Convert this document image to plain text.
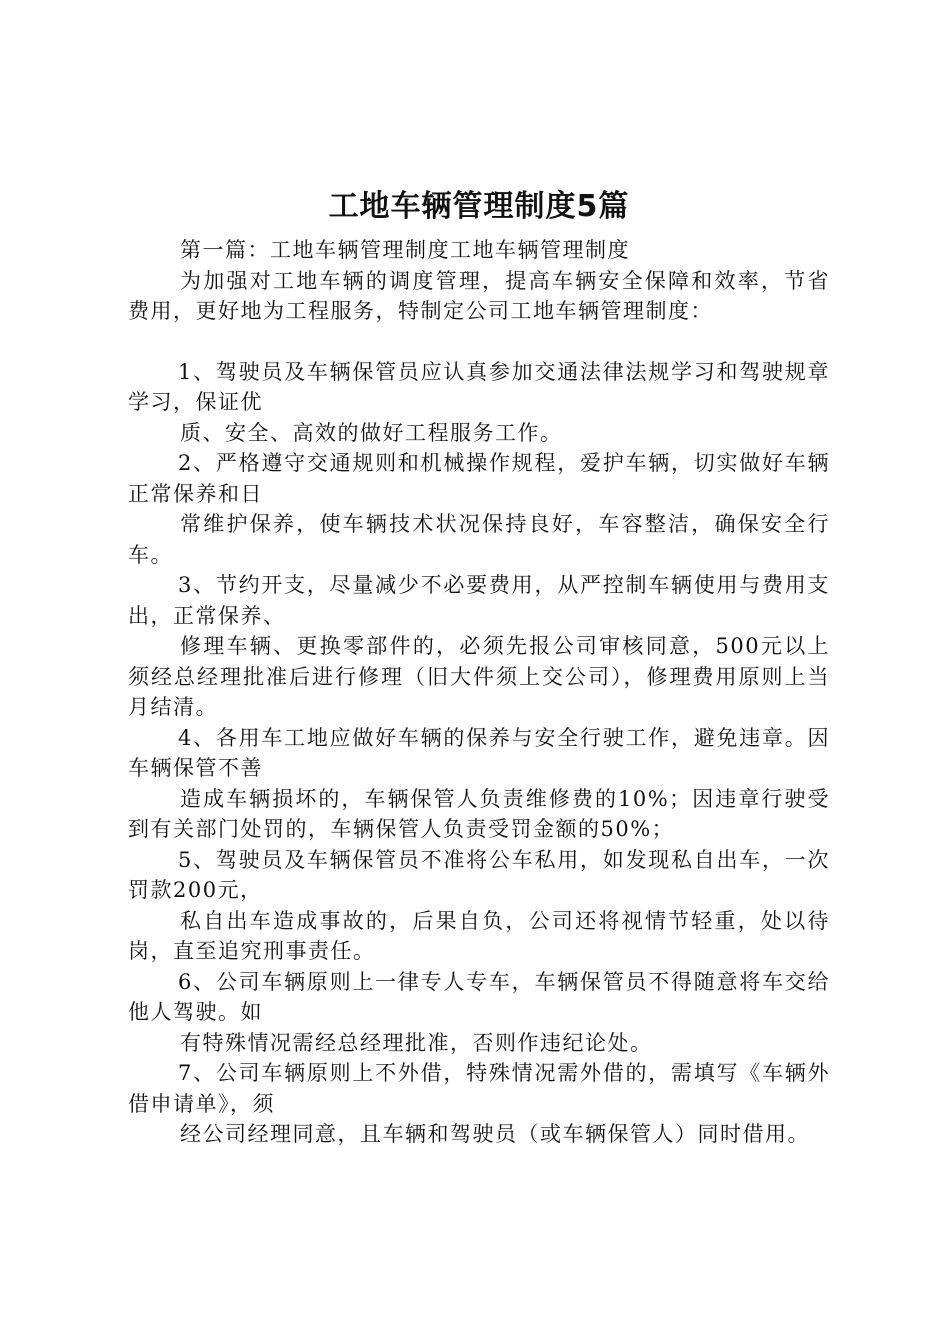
工地车辆管理制度5篇

第一篇：工地车辆管理制度工地车辆管理制度

为加强对工地车辆的调度管理，提高车辆安全保障和效率，节省费用，更好地为工程服务，特制定公司工地车辆管理制度：

1、驾驶员及车辆保管员应认真参加交通法律法规学习和驾驶规章学习，保证优

质、安全、高效的做好工程服务工作。

2、严格遵守交通规则和机械操作规程，爱护车辆，切实做好车辆正常保养和日

常维护保养，使车辆技术状况保持良好，车容整洁，确保安全行车。

3、节约开支，尽量减少不必要费用，从严控制车辆使用与费用支出，正常保养、

修理车辆、更换零部件的，必须先报公司审核同意，500元以上须经总经理批准后进行修理（旧大件须上交公司），修理费用原则上当月结清。

4、各用车工地应做好车辆的保养与安全行驶工作，避免违章。因车辆保管不善

造成车辆损坏的，车辆保管人负责维修费的10%；因违章行驶受到有关部门处罚的，车辆保管人负责受罚金额的50%；

5、驾驶员及车辆保管员不准将公车私用，如发现私自出车，一次罚款200元，

私自出车造成事故的，后果自负，公司还将视情节轻重，处以待岗，直至追究刑事责任。

6、公司车辆原则上一律专人专车，车辆保管员不得随意将车交给他人驾驶。如

有特殊情况需经总经理批准，否则作违纪论处。

7、公司车辆原则上不外借，特殊情况需外借的，需填写《车辆外借申请单》，须

经公司经理同意，且车辆和驾驶员（或车辆保管人）同时借用。
